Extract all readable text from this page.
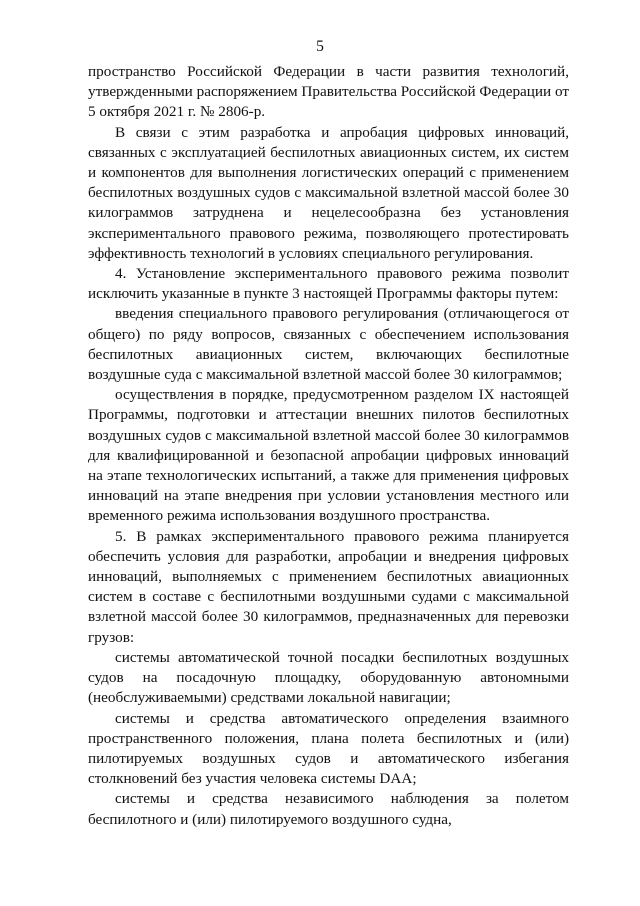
5

пространство Российской Федерации в части развития технологий, утвержденными распоряжением Правительства Российской Федерации от 5 октября 2021 г. № 2806-р.

В связи с этим разработка и апробация цифровых инноваций, связанных с эксплуатацией беспилотных авиационных систем, их систем и компонентов для выполнения логистических операций с применением беспилотных воздушных судов с максимальной взлетной массой более 30 килограммов затруднена и нецелесообразна без установления экспериментального правового режима, позволяющего протестировать эффективность технологий в условиях специального регулирования.

4. Установление экспериментального правового режима позволит исключить указанные в пункте 3 настоящей Программы факторы путем:

введения специального правового регулирования (отличающегося от общего) по ряду вопросов, связанных с обеспечением использования беспилотных авиационных систем, включающих беспилотные воздушные суда с максимальной взлетной массой более 30 килограммов;

осуществления в порядке, предусмотренном разделом IX настоящей Программы, подготовки и аттестации внешних пилотов беспилотных воздушных судов с максимальной взлетной массой более 30 килограммов для квалифицированной и безопасной апробации цифровых инноваций на этапе технологических испытаний, а также для применения цифровых инноваций на этапе внедрения при условии установления местного или временного режима использования воздушного пространства.

5. В рамках экспериментального правового режима планируется обеспечить условия для разработки, апробации и внедрения цифровых инноваций, выполняемых с применением беспилотных авиационных систем в составе с беспилотными воздушными судами с максимальной взлетной массой более 30 килограммов, предназначенных для перевозки грузов:

системы автоматической точной посадки беспилотных воздушных судов на посадочную площадку, оборудованную автономными (необслуживаемыми) средствами локальной навигации;

системы и средства автоматического определения взаимного пространственного положения, плана полета беспилотных и (или) пилотируемых воздушных судов и автоматического избегания столкновений без участия человека системы DAA;

системы и средства независимого наблюдения за полетом беспилотного и (или) пилотируемого воздушного судна,
